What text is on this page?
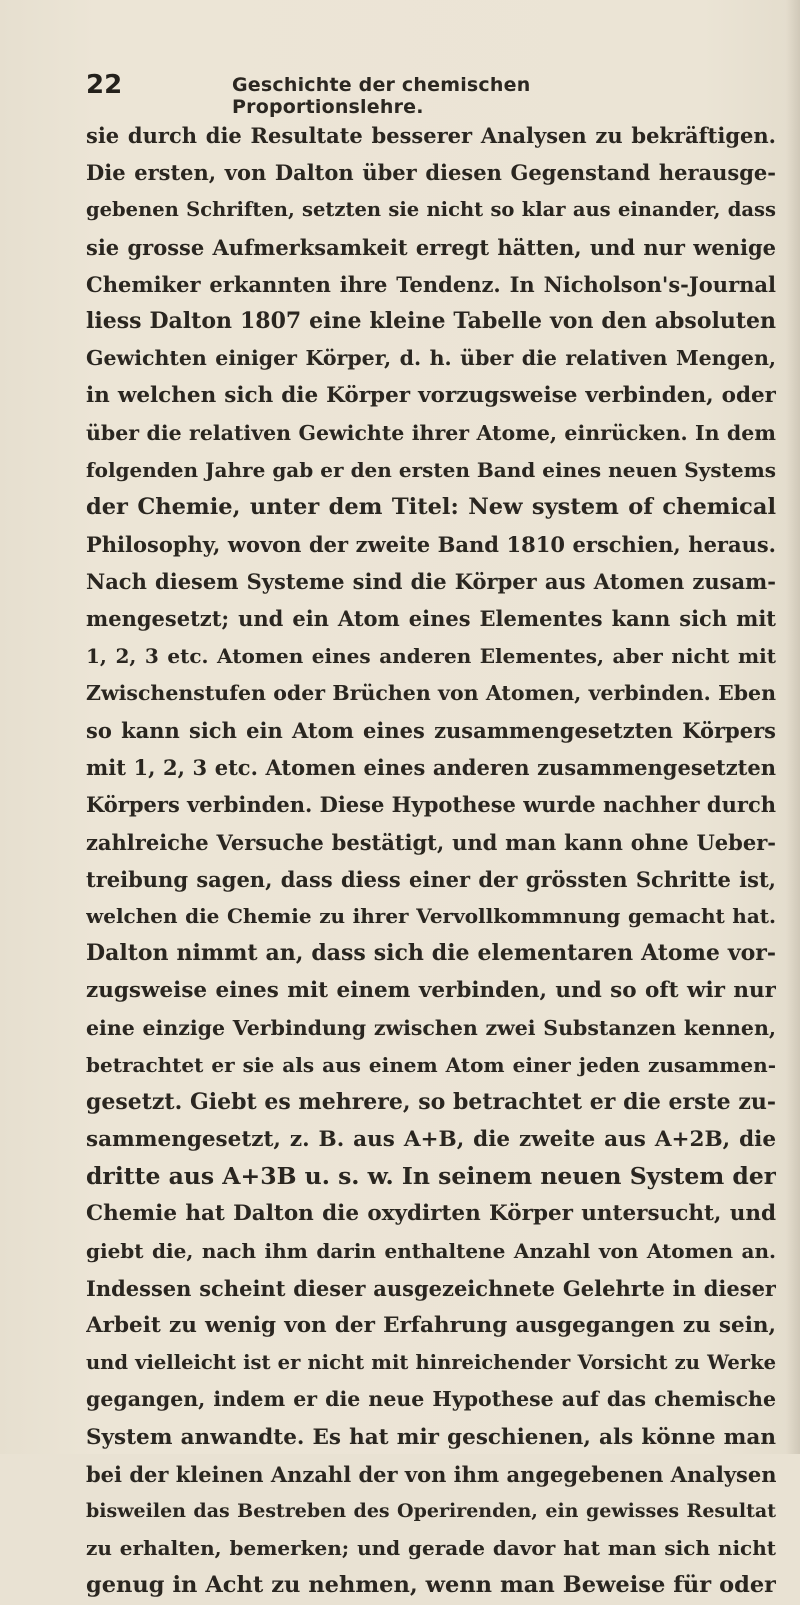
22	Geschichte der chemischen Proportionslehre.
sie durch die Resultate besserer Analysen zu bekräftigen.
Die ersten, von Dalton über diesen Gegenstand herausge-
gebenen Schriften, setzten sie nicht so klar aus einander, dass
sie grosse Aufmerksamkeit erregt hätten, und nur wenige
Chemiker erkannten ihre Tendenz. In Nicholson's-Journal
liess Dalton 1807 eine kleine Tabelle von den absoluten
Gewichten einiger Körper, d. h. über die relativen Mengen,
in welchen sich die Körper vorzugsweise verbinden, oder
über die relativen Gewichte ihrer Atome, einrücken. In dem
folgenden Jahre gab er den ersten Band eines neuen Systems
der Chemie, unter dem Titel: New system of chemical
Philosophy, wovon der zweite Band 1810 erschien, heraus.
Nach diesem Systeme sind die Körper aus Atomen zusam-
mengesetzt; und ein Atom eines Elementes kann sich mit
1, 2, 3 etc. Atomen eines anderen Elementes, aber nicht mit
Zwischenstufen oder Brüchen von Atomen, verbinden. Eben
so kann sich ein Atom eines zusammengesetzten Körpers
mit 1, 2, 3 etc. Atomen eines anderen zusammengesetzten
Körpers verbinden. Diese Hypothese wurde nachher durch
zahlreiche Versuche bestätigt, und man kann ohne Ueber-
treibung sagen, dass diess einer der grössten Schritte ist,
welchen die Chemie zu ihrer Vervollkommnung gemacht hat.
Dalton nimmt an, dass sich die elementaren Atome vor-
zugsweise eines mit einem verbinden, und so oft wir nur
eine einzige Verbindung zwischen zwei Substanzen kennen,
betrachtet er sie als aus einem Atom einer jeden zusammen-
gesetzt. Giebt es mehrere, so betrachtet er die erste zu-
sammengesetzt, z. B. aus A+B, die zweite aus A+2B, die
dritte aus A+3B u. s. w. In seinem neuen System der
Chemie hat Dalton die oxydirten Körper untersucht, und
giebt die, nach ihm darin enthaltene Anzahl von Atomen an.
Indessen scheint dieser ausgezeichnete Gelehrte in dieser
Arbeit zu wenig von der Erfahrung ausgegangen zu sein,
und vielleicht ist er nicht mit hinreichender Vorsicht zu Werke
gegangen, indem er die neue Hypothese auf das chemische
System anwandte. Es hat mir geschienen, als könne man
bei der kleinen Anzahl der von ihm angegebenen Analysen
bisweilen das Bestreben des Operirenden, ein gewisses Resultat
zu erhalten, bemerken; und gerade davor hat man sich nicht
genug in Acht zu nehmen, wenn man Beweise für oder
